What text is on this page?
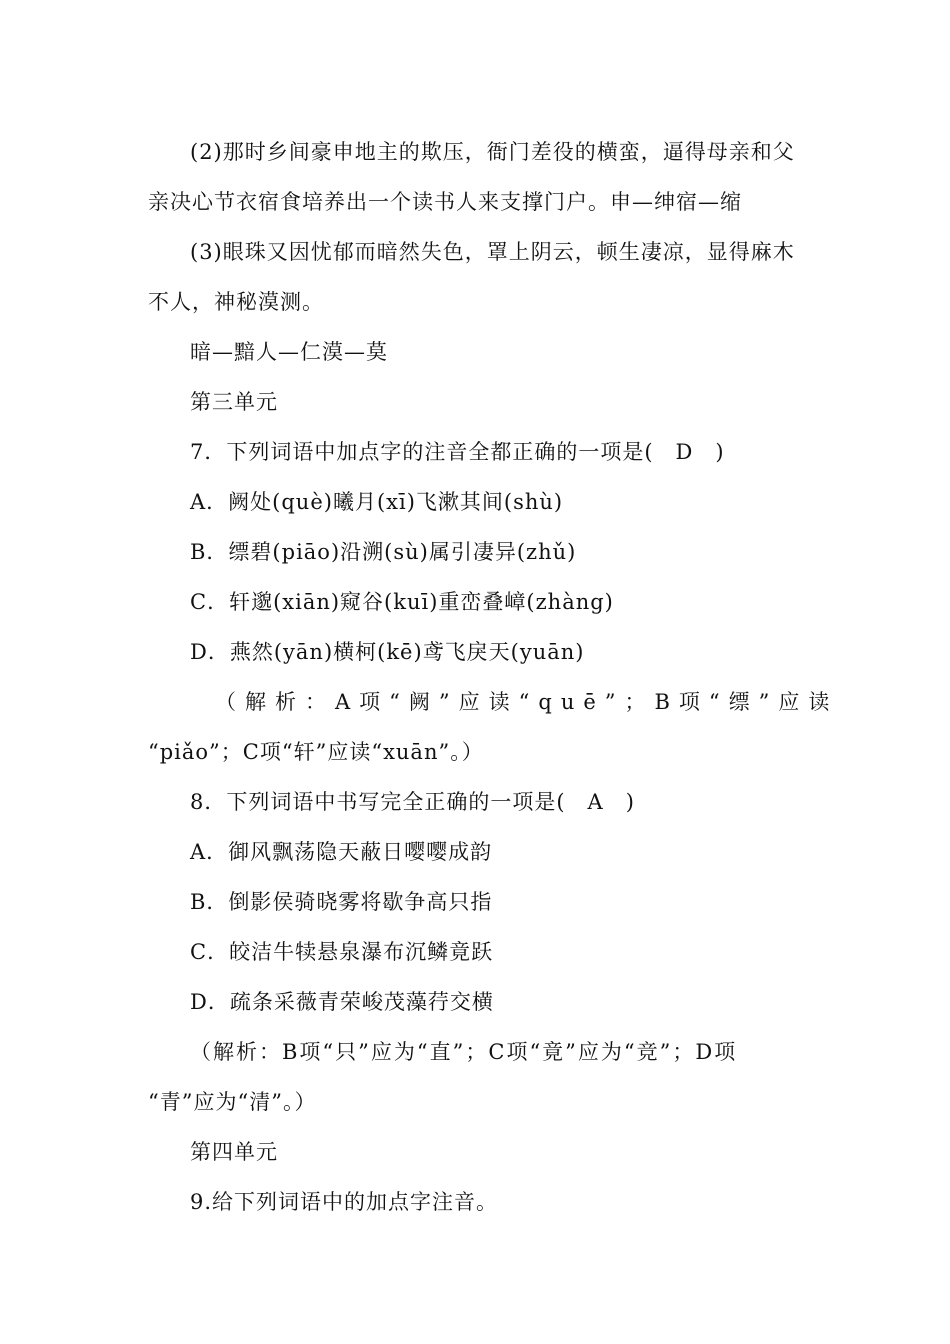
(2)那时乡间豪申地主的欺压，衙门差役的横蛮，逼得母亲和父
亲决心节衣宿食培养出一个读书人来支撑门户。申—绅宿—缩
(3)眼珠又因忧郁而暗然失色，罩上阴云，顿生凄凉，显得麻木
不人，神秘漠测。
暗—黯人—仁漠—莫
第三单元
7．下列词语中加点字的注音全都正确的一项是(　D　)
A．阙处(què)曦月(xī)飞漱其间(shù)
B．缥碧(piāo)沿溯(sù)属引凄异(zhǔ)
C．轩邈(xiān)窥谷(kuī)重峦叠嶂(zhàng)
D．燕然(yān)横柯(kē)鸢飞戾天(yuān)
（解析：A项“阙”应读“quē”；B项“缥”应读
“piǎo”；C项“轩”应读“xuān”。）
8．下列词语中书写完全正确的一项是(　A　)
A．御风飘荡隐天蔽日嘤嘤成韵
B．倒影侯骑晓雾将歇争高只指
C．皎洁牛犊悬泉瀑布沉鳞竟跃
D．疏条采薇青荣峻茂藻荇交横
（解析：B项“只”应为“直”；C项“竟”应为“竞”；D项
“青”应为“清”。）
第四单元
9.给下列词语中的加点字注音。
